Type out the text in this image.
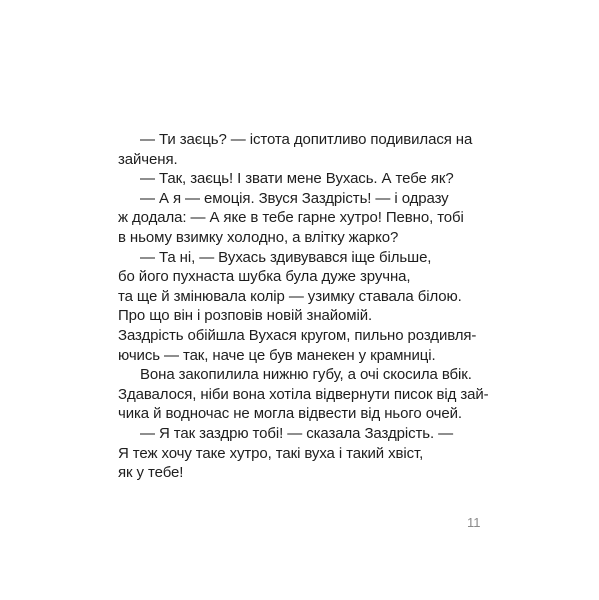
— Ти заєць? — істота допитливо подивилася на
зайченя.
— Так, заєць! І звати мене Вухась. А тебе як?
— А я — емоція. Звуся Заздрість! — і одразу
ж додала: — А яке в тебе гарне хутро! Певно, тобі
в ньому взимку холодно, а влітку жарко?
— Та ні, — Вухась здивувався іще більше,
бо його пухнаста шубка була дуже зручна,
та ще й змінювала колір — узимку ставала білою.
Про що він і розповів новій знайомій.
Заздрість обійшла Вухася кругом, пильно роздивля-
ючись — так, наче це був манекен у крамниці.
Вона закопилила нижню губу, а очі скосила вбік.
Здавалося, ніби вона хотіла відвернути писок від зай-
чика й водночас не могла відвести від нього очей.
— Я так заздрю тобі! — сказала Заздрість. —
Я теж хочу таке хутро, такі вуха і такий хвіст,
як у тебе!
11
